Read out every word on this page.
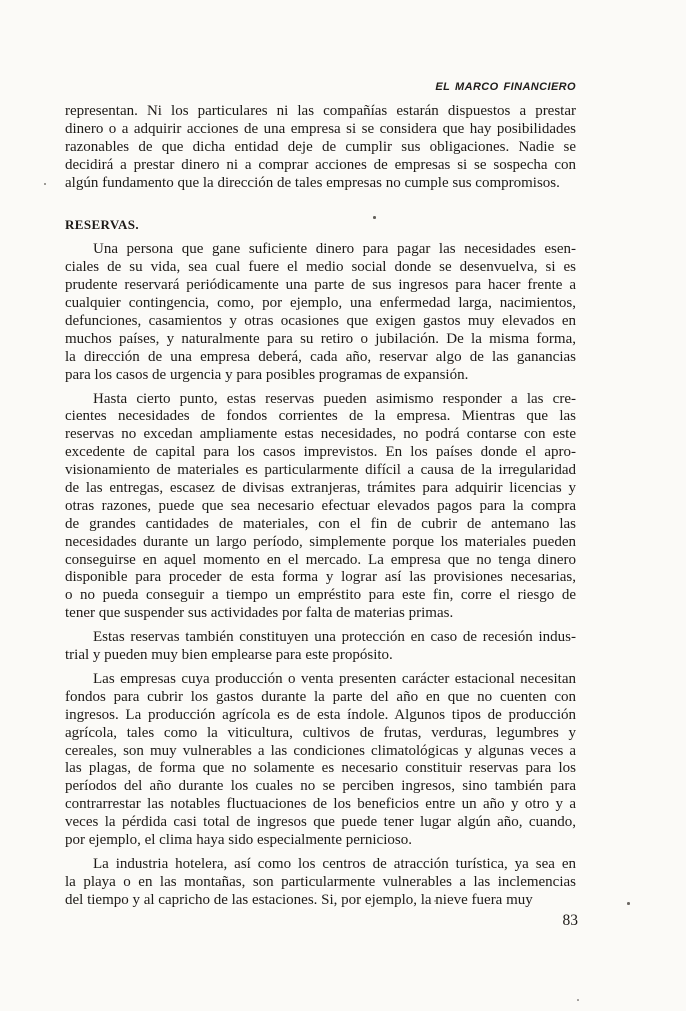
EL MARCO FINANCIERO
representan. Ni los particulares ni las compañías estarán dispuestos a prestar
dinero o a adquirir acciones de una empresa si se considera que hay posibilidades
razonables de que dicha entidad deje de cumplir sus obligaciones. Nadie se
decidirá a prestar dinero ni a comprar acciones de empresas si se sospecha con
algún fundamento que la dirección de tales empresas no cumple sus compromisos.
RESERVAS.
Una persona que gane suficiente dinero para pagar las necesidades esen-
ciales de su vida, sea cual fuere el medio social donde se desenvuelva, si es
prudente reservará periódicamente una parte de sus ingresos para hacer frente a
cualquier contingencia, como, por ejemplo, una enfermedad larga, nacimientos,
defunciones, casamientos y otras ocasiones que exigen gastos muy elevados en
muchos países, y naturalmente para su retiro o jubilación. De la misma forma,
la dirección de una empresa deberá, cada año, reservar algo de las ganancias
para los casos de urgencia y para posibles programas de expansión.
Hasta cierto punto, estas reservas pueden asimismo responder a las cre-
cientes necesidades de fondos corrientes de la empresa. Mientras que las
reservas no excedan ampliamente estas necesidades, no podrá contarse con este
excedente de capital para los casos imprevistos. En los países donde el apro-
visionamiento de materiales es particularmente difícil a causa de la irregularidad
de las entregas, escasez de divisas extranjeras, trámites para adquirir licencias y
otras razones, puede que sea necesario efectuar elevados pagos para la compra
de grandes cantidades de materiales, con el fin de cubrir de antemano las
necesidades durante un largo período, simplemente porque los materiales pueden
conseguirse en aquel momento en el mercado. La empresa que no tenga dinero
disponible para proceder de esta forma y lograr así las provisiones necesarias,
o no pueda conseguir a tiempo un empréstito para este fin, corre el riesgo de
tener que suspender sus actividades por falta de materias primas.
Estas reservas también constituyen una protección en caso de recesión indus-
trial y pueden muy bien emplearse para este propósito.
Las empresas cuya producción o venta presenten carácter estacional necesitan
fondos para cubrir los gastos durante la parte del año en que no cuenten con
ingresos. La producción agrícola es de esta índole. Algunos tipos de producción
agrícola, tales como la viticultura, cultivos de frutas, verduras, legumbres y
cereales, son muy vulnerables a las condiciones climatológicas y algunas veces a
las plagas, de forma que no solamente es necesario constituir reservas para los
períodos del año durante los cuales no se perciben ingresos, sino también para
contrarrestar las notables fluctuaciones de los beneficios entre un año y otro y a
veces la pérdida casi total de ingresos que puede tener lugar algún año, cuando,
por ejemplo, el clima haya sido especialmente pernicioso.
La industria hotelera, así como los centros de atracción turística, ya sea en
la playa o en las montañas, son particularmente vulnerables a las inclemencias
del tiempo y al capricho de las estaciones. Si, por ejemplo, la nieve fuera muy
83
